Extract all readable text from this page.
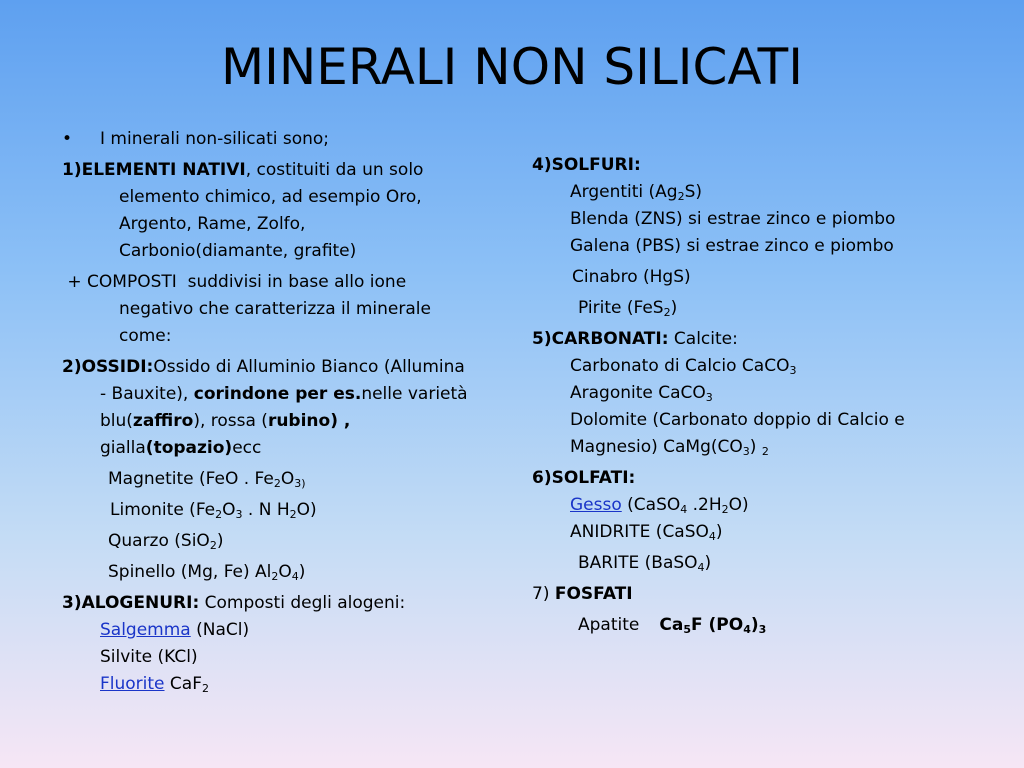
MINERALI NON SILICATI
• I minerali non-silicati sono;
1)ELEMENTI NATIVI, costituiti da un solo
elemento chimico, ad esempio Oro,
Argento, Rame, Zolfo,
Carbonio(diamante, grafite)
+ COMPOSTI  suddivisi in base allo ione
negativo che caratterizza il minerale
come:
2)OSSIDI:Ossido di Alluminio Bianco (Allumina
- Bauxite), corindone per es.nelle varietà
blu(zaffiro), rossa (rubino) ,
gialla(topazio)ecc
Magnetite (FeO . $Fe_2O_{3)}$
Limonite ($Fe_2O_3$ . N $H_2O$)
Quarzo (SiO$_2$)
Spinello (Mg, Fe) $Al_2O_4$)
3)ALOGENURI: Composti degli alogeni:
Salgemma (NaCl)
Silvite (KCl)
Fluorite CaF$_2$
4)SOLFURI:
Argentiti $(Ag_2S)$
Blenda (ZNS) si estrae zinco e piombo
Galena (PBS) si estrae zinco e piombo
Cinabro (HgS)
Pirite (FeS$_2$)
5)CARBONATI: Calcite:
Carbonato di Calcio CaCO$_3$
Aragonite CaCO$_3$
Dolomite (Carbonato doppio di Calcio e
Magnesio) $CaMg(CO_3)$ $_2$
6)SOLFATI:
Gesso (CaSO$_4$ $.2H_2O$)
ANIDRITE (CaSO$_4$)
BARITE (BaSO$_4$)
7) FOSFATI
Apatite $Ca_5F$ $(PO_4)_3$
